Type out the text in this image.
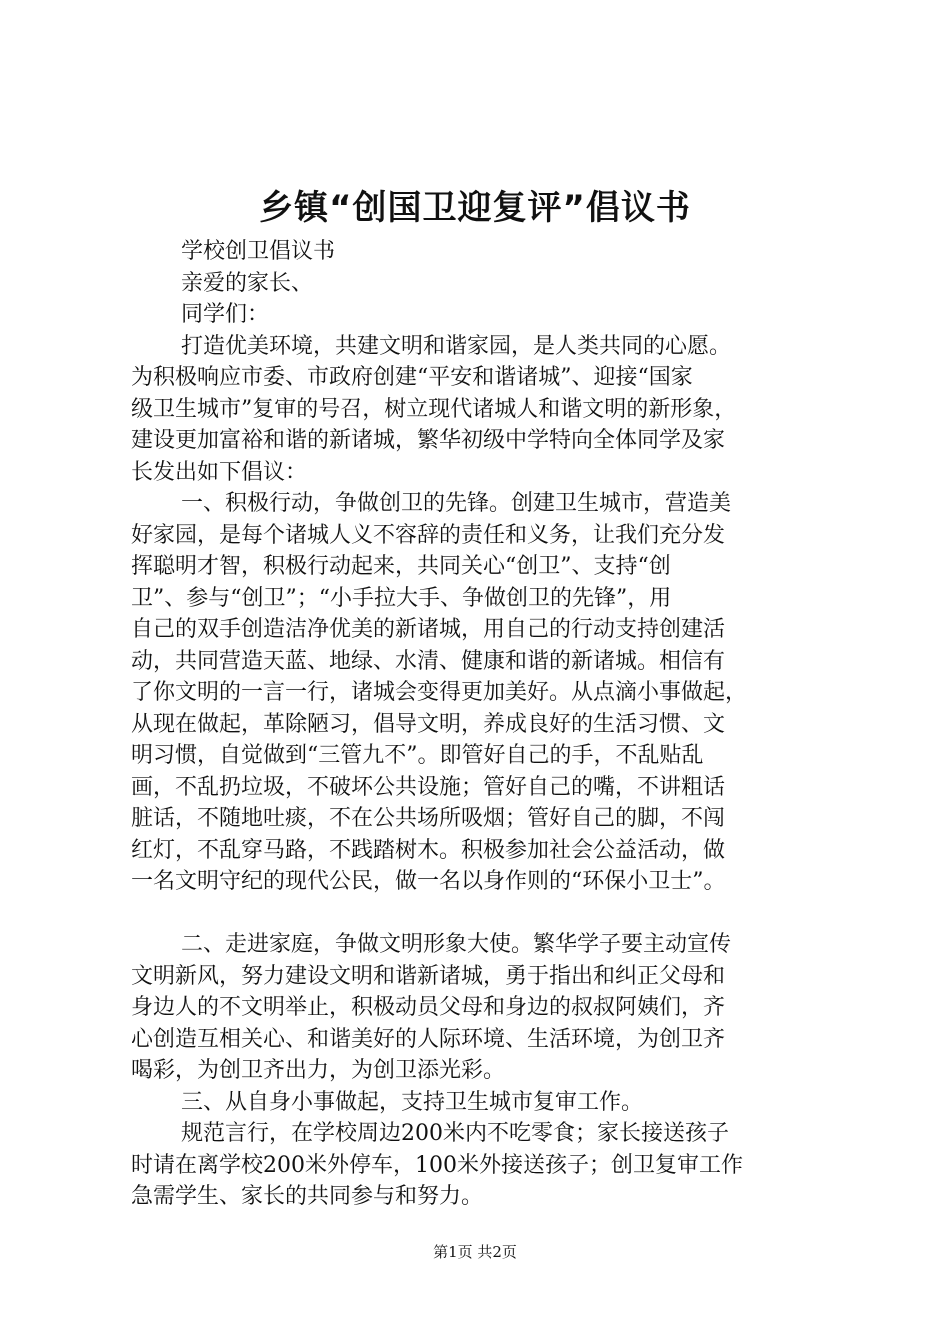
乡镇“创国卫迎复评”倡议书

学校创卫倡议书

亲爱的家长、

同学们：

打造优美环境，共建文明和谐家园，是人类共同的心愿。

为积极响应市委、市政府创建“平安和谐诸城”、迎接“国家

级卫生城市”复审的号召，树立现代诸城人和谐文明的新形象，

建设更加富裕和谐的新诸城，繁华初级中学特向全体同学及家

长发出如下倡议：

一、积极行动，争做创卫的先锋。创建卫生城市，营造美

好家园，是每个诸城人义不容辞的责任和义务，让我们充分发

挥聪明才智，积极行动起来，共同关心“创卫”、支持“创

卫”、参与“创卫”；“小手拉大手、争做创卫的先锋”，用

自己的双手创造洁净优美的新诸城，用自己的行动支持创建活

动，共同营造天蓝、地绿、水清、健康和谐的新诸城。相信有

了你文明的一言一行，诸城会变得更加美好。从点滴小事做起，

从现在做起，革除陋习，倡导文明，养成良好的生活习惯、文

明习惯，自觉做到“三管九不”。即管好自己的手，不乱贴乱

画，不乱扔垃圾，不破坏公共设施；管好自己的嘴，不讲粗话

脏话，不随地吐痰，不在公共场所吸烟；管好自己的脚，不闯

红灯，不乱穿马路，不践踏树木。积极参加社会公益活动，做

一名文明守纪的现代公民，做一名以身作则的“环保小卫士”。

二、走进家庭，争做文明形象大使。繁华学子要主动宣传

文明新风，努力建设文明和谐新诸城，勇于指出和纠正父母和

身边人的不文明举止，积极动员父母和身边的叔叔阿姨们，齐

心创造互相关心、和谐美好的人际环境、生活环境，为创卫齐

喝彩，为创卫齐出力，为创卫添光彩。

三、从自身小事做起，支持卫生城市复审工作。

规范言行，在学校周边200米内不吃零食；家长接送孩子

时请在离学校200米外停车，100米外接送孩子；创卫复审工作

急需学生、家长的共同参与和努力。

第1页 共2页
